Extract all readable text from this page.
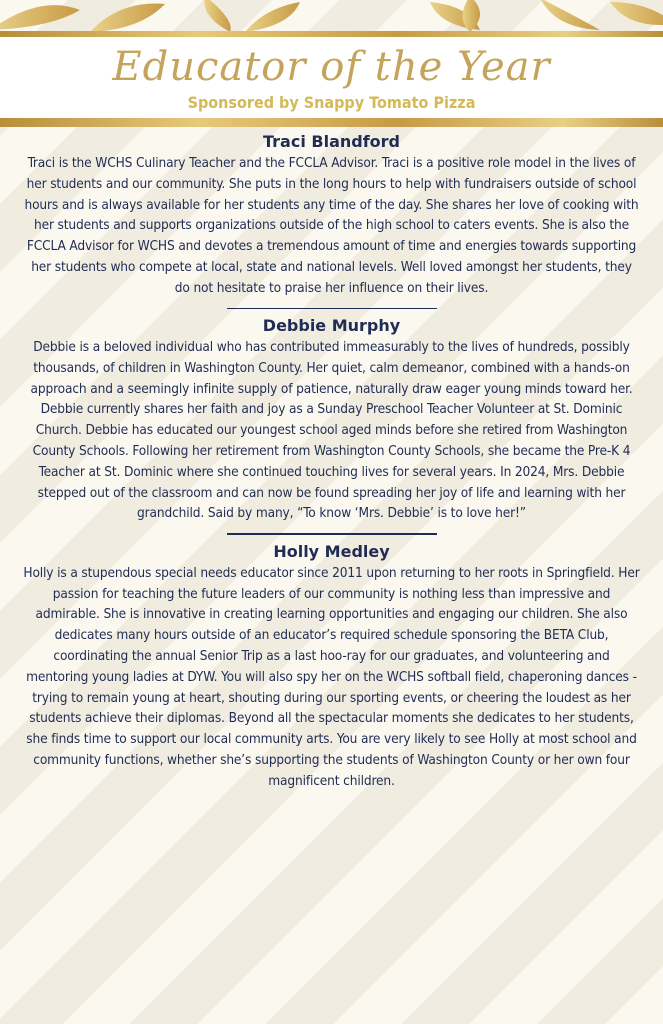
Educator of the Year
Sponsored by Snappy Tomato Pizza

Traci Blandford

Traci is the WCHS Culinary Teacher and the FCCLA Advisor. Traci is a positive role model in the lives of her students and our community. She puts in the long hours to help with fundraisers outside of school hours and is always available for her students any time of the day. She shares her love of cooking with her students and supports organizations outside of the high school to caters events. She is also the FCCLA Advisor for WCHS and devotes a tremendous amount of time and energies towards supporting her students who compete at local, state and national levels. Well loved amongst her students, they do not hesitate to praise her influence on their lives.

Debbie Murphy

Debbie is a beloved individual who has contributed immeasurably to the lives of hundreds, possibly thousands, of children in Washington County. Her quiet, calm demeanor, combined with a hands-on approach and a seemingly infinite supply of patience, naturally draw eager young minds toward her. Debbie currently shares her faith and joy as a Sunday Preschool Teacher Volunteer at St. Dominic Church. Debbie has educated our youngest school aged minds before she retired from Washington County Schools. Following her retirement from Washington County Schools, she became the Pre-K 4 Teacher at St. Dominic where she continued touching lives for several years. In 2024, Mrs. Debbie stepped out of the classroom and can now be found spreading her joy of life and learning with her grandchild. Said by many, “To know ‘Mrs. Debbie’ is to love her!”

Holly Medley

Holly is a stupendous special needs educator since 2011 upon returning to her roots in Springfield. Her passion for teaching the future leaders of our community is nothing less than impressive and admirable. She is innovative in creating learning opportunities and engaging our children. She also dedicates many hours outside of an educator’s required schedule sponsoring the BETA Club, coordinating the annual Senior Trip as a last hoo-ray for our graduates, and volunteering and mentoring young ladies at DYW. You will also spy her on the WCHS softball field, chaperoning dances - trying to remain young at heart, shouting during our sporting events, or cheering the loudest as her students achieve their diplomas. Beyond all the spectacular moments she dedicates to her students, she finds time to support our local community arts. You are very likely to see Holly at most school and community functions, whether she’s supporting the students of Washington County or her own four magnificent children.
